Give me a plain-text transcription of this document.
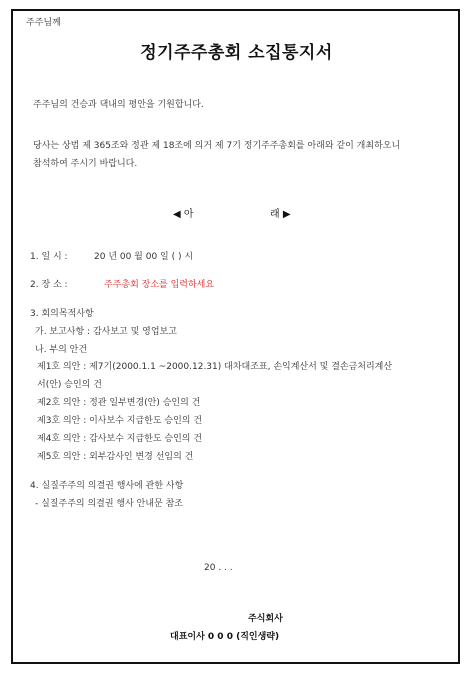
주주님께
정기주주총회 소집통지서
주주님의 건승과 댁내의 평안을 기원합니다.
당사는 상법 제 365조와 정관 제 18조에 의거 제 7기 정기주주총회를 아래와 같이 개최하오니
참석하여 주시기 바랍니다.
◀ 아	래 ▶
1. 일 시 :	20 년 00 월 00 일 ( ) 시
2. 장 소 :	주주총회 장소를 입력하세요
3. 회의목적사항
가. 보고사항 : 감사보고 및 영업보고
나. 부의 안건
제1호 의안 : 제7기(2000.1.1 ~2000.12.31) 대차대조표, 손익계산서 및 결손금처리계산
서(안) 승인의 건
제2호 의안 : 정관 일부변경(안) 승인의 건
제3호 의안 : 이사보수 지급한도 승인의 건
제4호 의안 : 감사보수 지급한도 승인의 건
제5호 의안 : 외부감사인 변경 선임의 건
4. 실질주주의 의결권 행사에 관한 사항
- 실질주주의 의결권 행사 안내문 참조
20 . . .
주식회사
대표이사 0 0 0 (직인생략)
